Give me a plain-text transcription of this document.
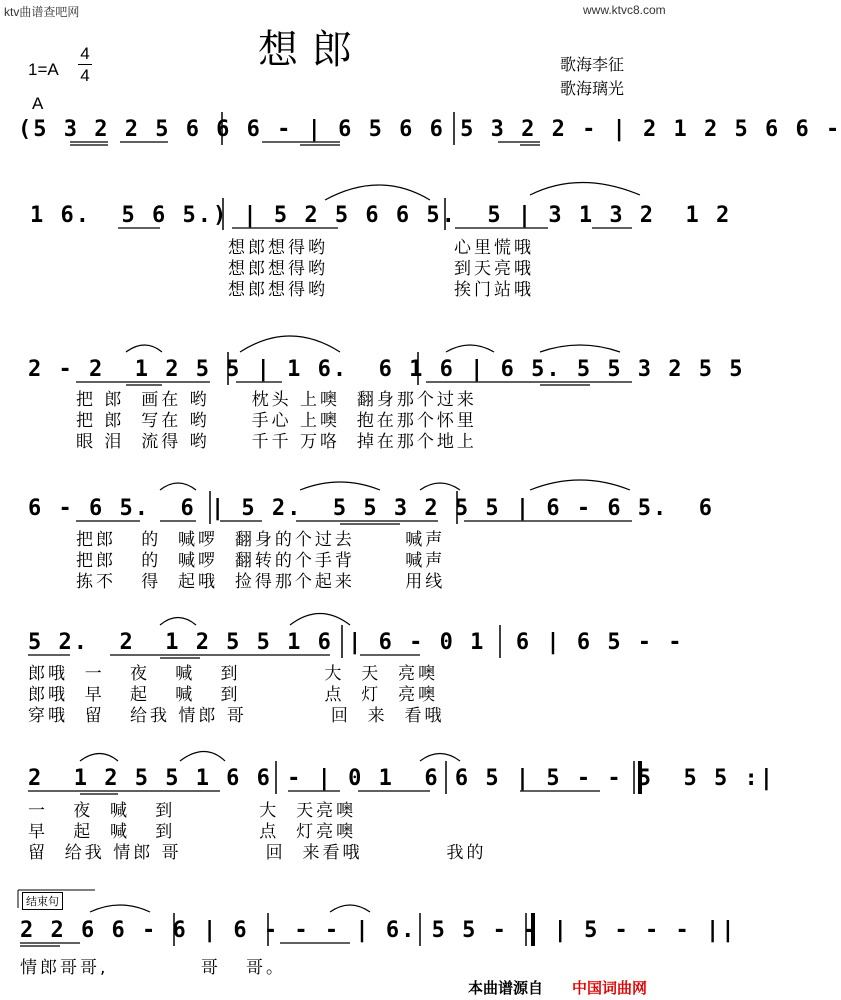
ktv曲谱查吧网	www.ktvc8.com
想郎	歌海李征
歌海璃光
1=A
4
4
A
(5 3 2 2 5 6 6 6 - | 6 5 6 6 5 3 2 2 - | 2 1 2 5 6 6 -
1 6.  5 6 5.) | 5 2 5 6 6 5.  5 | 3 1 3 2  1 2
想郎想得哟               心里慌哦
想郎想得哟               到天亮哦
想郎想得哟               挨门站哦
2 - 2  1 2 5 5 | 1 6.  6 1 6 | 6 5. 5 5 3 2 5 5
把 郎  画在 哟     枕头 上噢  翻身那个过来
把 郎  写在 哟     手心 上噢  抱在那个怀里
眼 泪  流得 哟     千千 万咯  掉在那个地上
6 - 6 5.  6 | 5 2.  5 5 3 2 5 5 | 6 - 6 5.  6
把郎   的  喊啰  翻身的个过去      喊声
把郎   的  喊啰  翻转的个手背      喊声
拣不   得  起哦  捡得那个起来      用线
5 2.  2  1 2 5 5 1 6 | 6 - 0 1  6 | 6 5 - -
郎哦  一   夜   喊   到          大  天  亮噢
郎哦  早   起   喊   到          点  灯  亮噢
穿哦  留   给我 情郎 哥          回  来  看哦
2  1 2 5 5 1 6 6 - | 0 1  6 6 5 | 5 - - 5  5 5 :|
一   夜  喊   到          大  天亮噢
早   起  喊   到          点  灯亮噢
留  给我 情郎 哥          回  来看哦          我的
结束句
2 2 6 6 - 6 | 6 - - - | 6. 5 5 - - | 5 - - - ||
情郎哥哥,           哥   哥。
本曲谱源自 中国词曲网
